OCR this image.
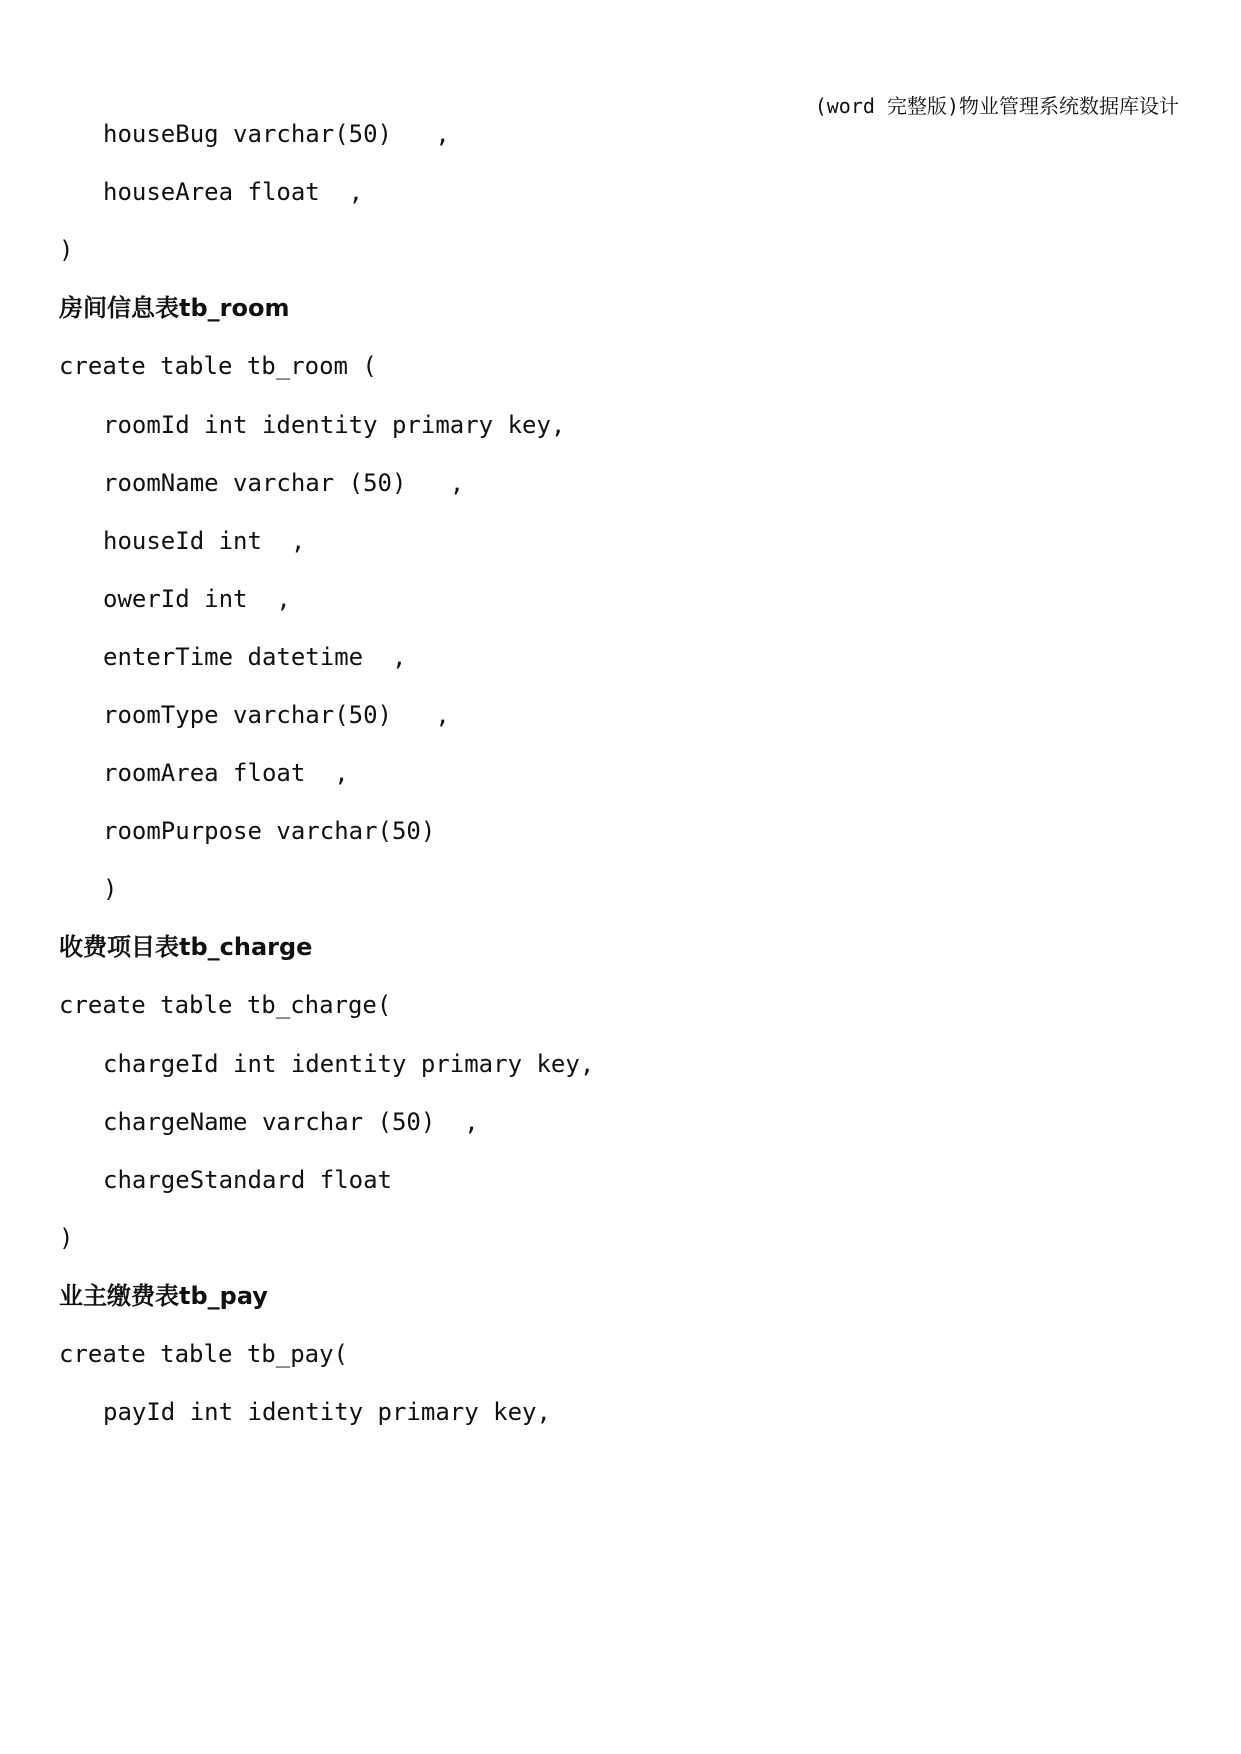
(word 完整版)物业管理系统数据库设计
houseBug varchar(50)   ,
houseArea float  ,
)
房间信息表tb_room
create table tb_room (
roomId int identity primary key,
roomName varchar (50)   ,
houseId int  ,
owerId int  ,
enterTime datetime  ,
roomType varchar(50)   ,
roomArea float  ,
roomPurpose varchar(50)
)
收费项目表tb_charge
create table tb_charge(
chargeId int identity primary key,
chargeName varchar (50)  ,
chargeStandard float
)
业主缴费表tb_pay
create table tb_pay(
payId int identity primary key,
